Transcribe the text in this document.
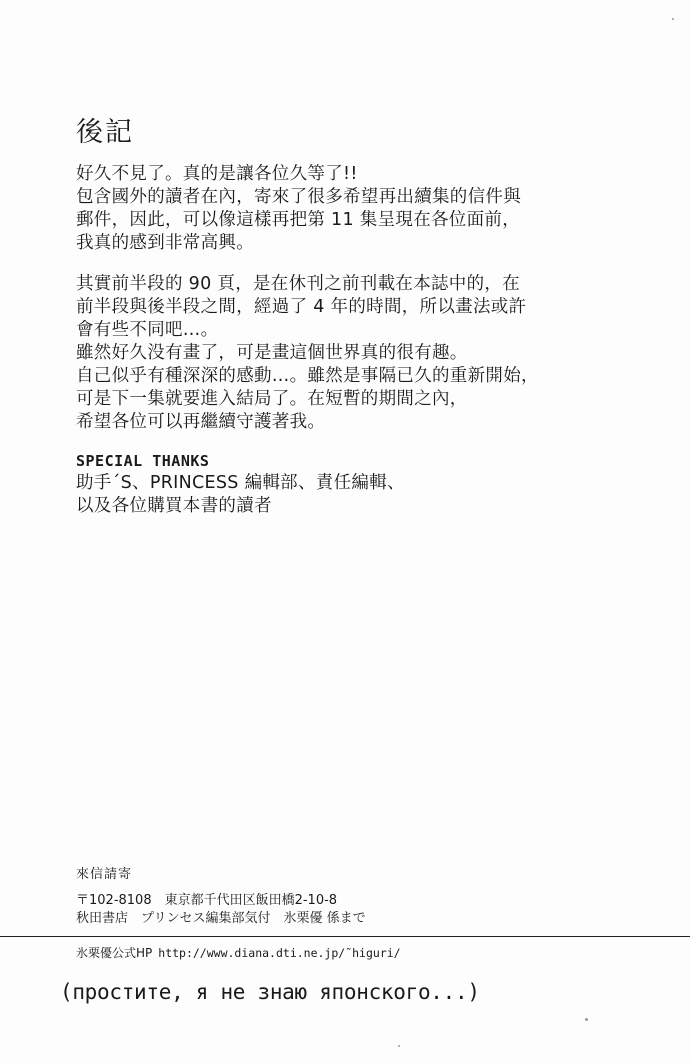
後記
好久不見了。真的是讓各位久等了!!
包含國外的讀者在內，寄來了很多希望再出續集的信件與
郵件，因此，可以像這樣再把第 11 集呈現在各位面前，
我真的感到非常高興。
其實前半段的 90 頁，是在休刊之前刊載在本誌中的，在
前半段與後半段之間，經過了 4 年的時間，所以畫法或許
會有些不同吧…。
雖然好久没有畫了，可是畫這個世界真的很有趣。
自己似乎有種深深的感動…。雖然是事隔已久的重新開始，
可是下一集就要進入結局了。在短暫的期間之內，
希望各位可以再繼續守護著我。
SPECIAL THANKS
助手´S、PRINCESS 編輯部、責任編輯、
以及各位購買本書的讀者
來信請寄
〒102-8108　東京都千代田区飯田橋2-10-8
秋田書店　プリンセス編集部気付　氷栗優 係まで
氷栗優公式HP http://www.diana.dti.ne.jp/˜higuri/
(простите, я не знаю японского...)
